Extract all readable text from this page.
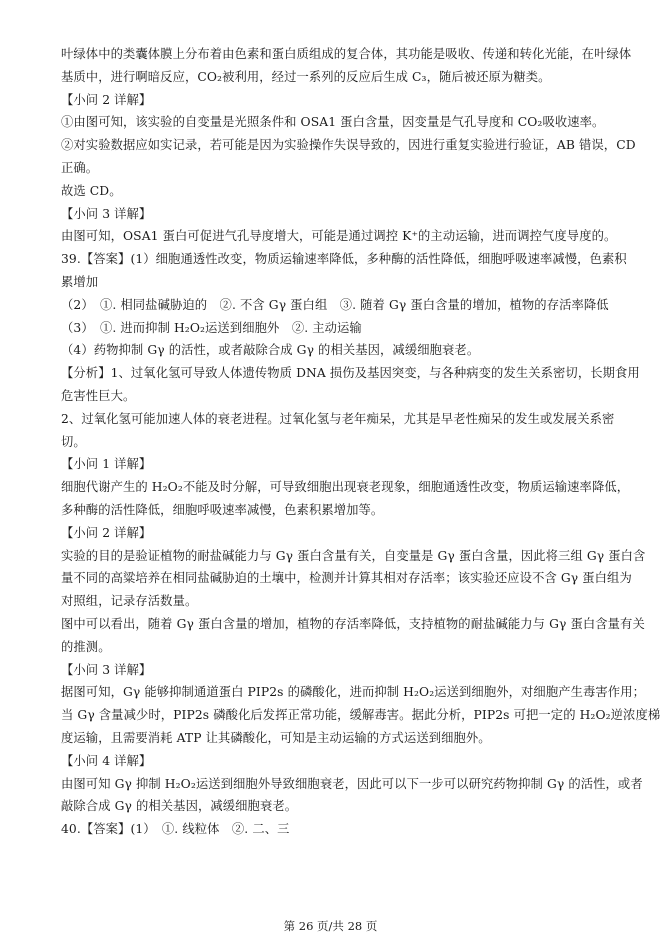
叶绿体中的类囊体膜上分布着由色素和蛋白质组成的复合体，其功能是吸收、传递和转化光能，在叶绿体
基质中，进行啊暗反应，CO₂被利用，经过一系列的反应后生成 C₃，随后被还原为糖类。
【小问 2 详解】
①由图可知，该实验的自变量是光照条件和 OSA1 蛋白含量，因变量是气孔导度和 CO₂吸收速率。
②对实验数据应如实记录，若可能是因为实验操作失误导致的，因进行重复实验进行验证，AB 错误，CD
正确。
故选 CD。
【小问 3 详解】
由图可知，OSA1 蛋白可促进气孔导度增大，可能是通过调控 K⁺的主动运输，进而调控气度导度的。
39.【答案】(1）细胞通透性改变，物质运输速率降低，多种酶的活性降低，细胞呼吸速率减慢，色素积
累增加
（2）　①. 相同盐碱胁迫的　②. 不含 Gγ 蛋白组　③. 随着 Gγ 蛋白含量的增加，植物的存活率降低
（3）　①. 进而抑制 H₂O₂运送到细胞外　②. 主动运输
（4）药物抑制 Gγ 的活性，或者敲除合成 Gγ 的相关基因，减缓细胞衰老。
【分析】1、过氧化氢可导致人体遗传物质 DNA 损伤及基因突变，与各种病变的发生关系密切，长期食用
危害性巨大。
2、过氧化氢可能加速人体的衰老进程。过氧化氢与老年痴呆，尤其是早老性痴呆的发生或发展关系密
切。
【小问 1 详解】
细胞代谢产生的 H₂O₂不能及时分解，可导致细胞出现衰老现象，细胞通透性改变，物质运输速率降低，
多种酶的活性降低，细胞呼吸速率减慢，色素积累增加等。
【小问 2 详解】
实验的目的是验证植物的耐盐碱能力与 Gγ 蛋白含量有关，自变量是 Gγ 蛋白含量，因此将三组 Gγ 蛋白含
量不同的高粱培养在相同盐碱胁迫的土壤中，检测并计算其相对存活率；该实验还应设不含 Gγ 蛋白组为
对照组，记录存活数量。
图中可以看出，随着 Gγ 蛋白含量的增加，植物的存活率降低，支持植物的耐盐碱能力与 Gγ 蛋白含量有关
的推测。
【小问 3 详解】
据图可知，Gγ 能够抑制通道蛋白 PIP2s 的磷酸化，进而抑制 H₂O₂运送到细胞外，对细胞产生毒害作用；
当 Gγ 含量减少时，PIP2s 磷酸化后发挥正常功能，缓解毒害。据此分析，PIP2s 可把一定的 H₂O₂逆浓度梯
度运输，且需要消耗 ATP 让其磷酸化，可知是主动运输的方式运送到细胞外。
【小问 4 详解】
由图可知 Gγ 抑制 H₂O₂运送到细胞外导致细胞衰老，因此可以下一步可以研究药物抑制 Gγ 的活性，或者
敲除合成 Gγ 的相关基因，减缓细胞衰老。
40.【答案】(1）　①. 线粒体　②. 二、三
第 26 页/共 28 页
